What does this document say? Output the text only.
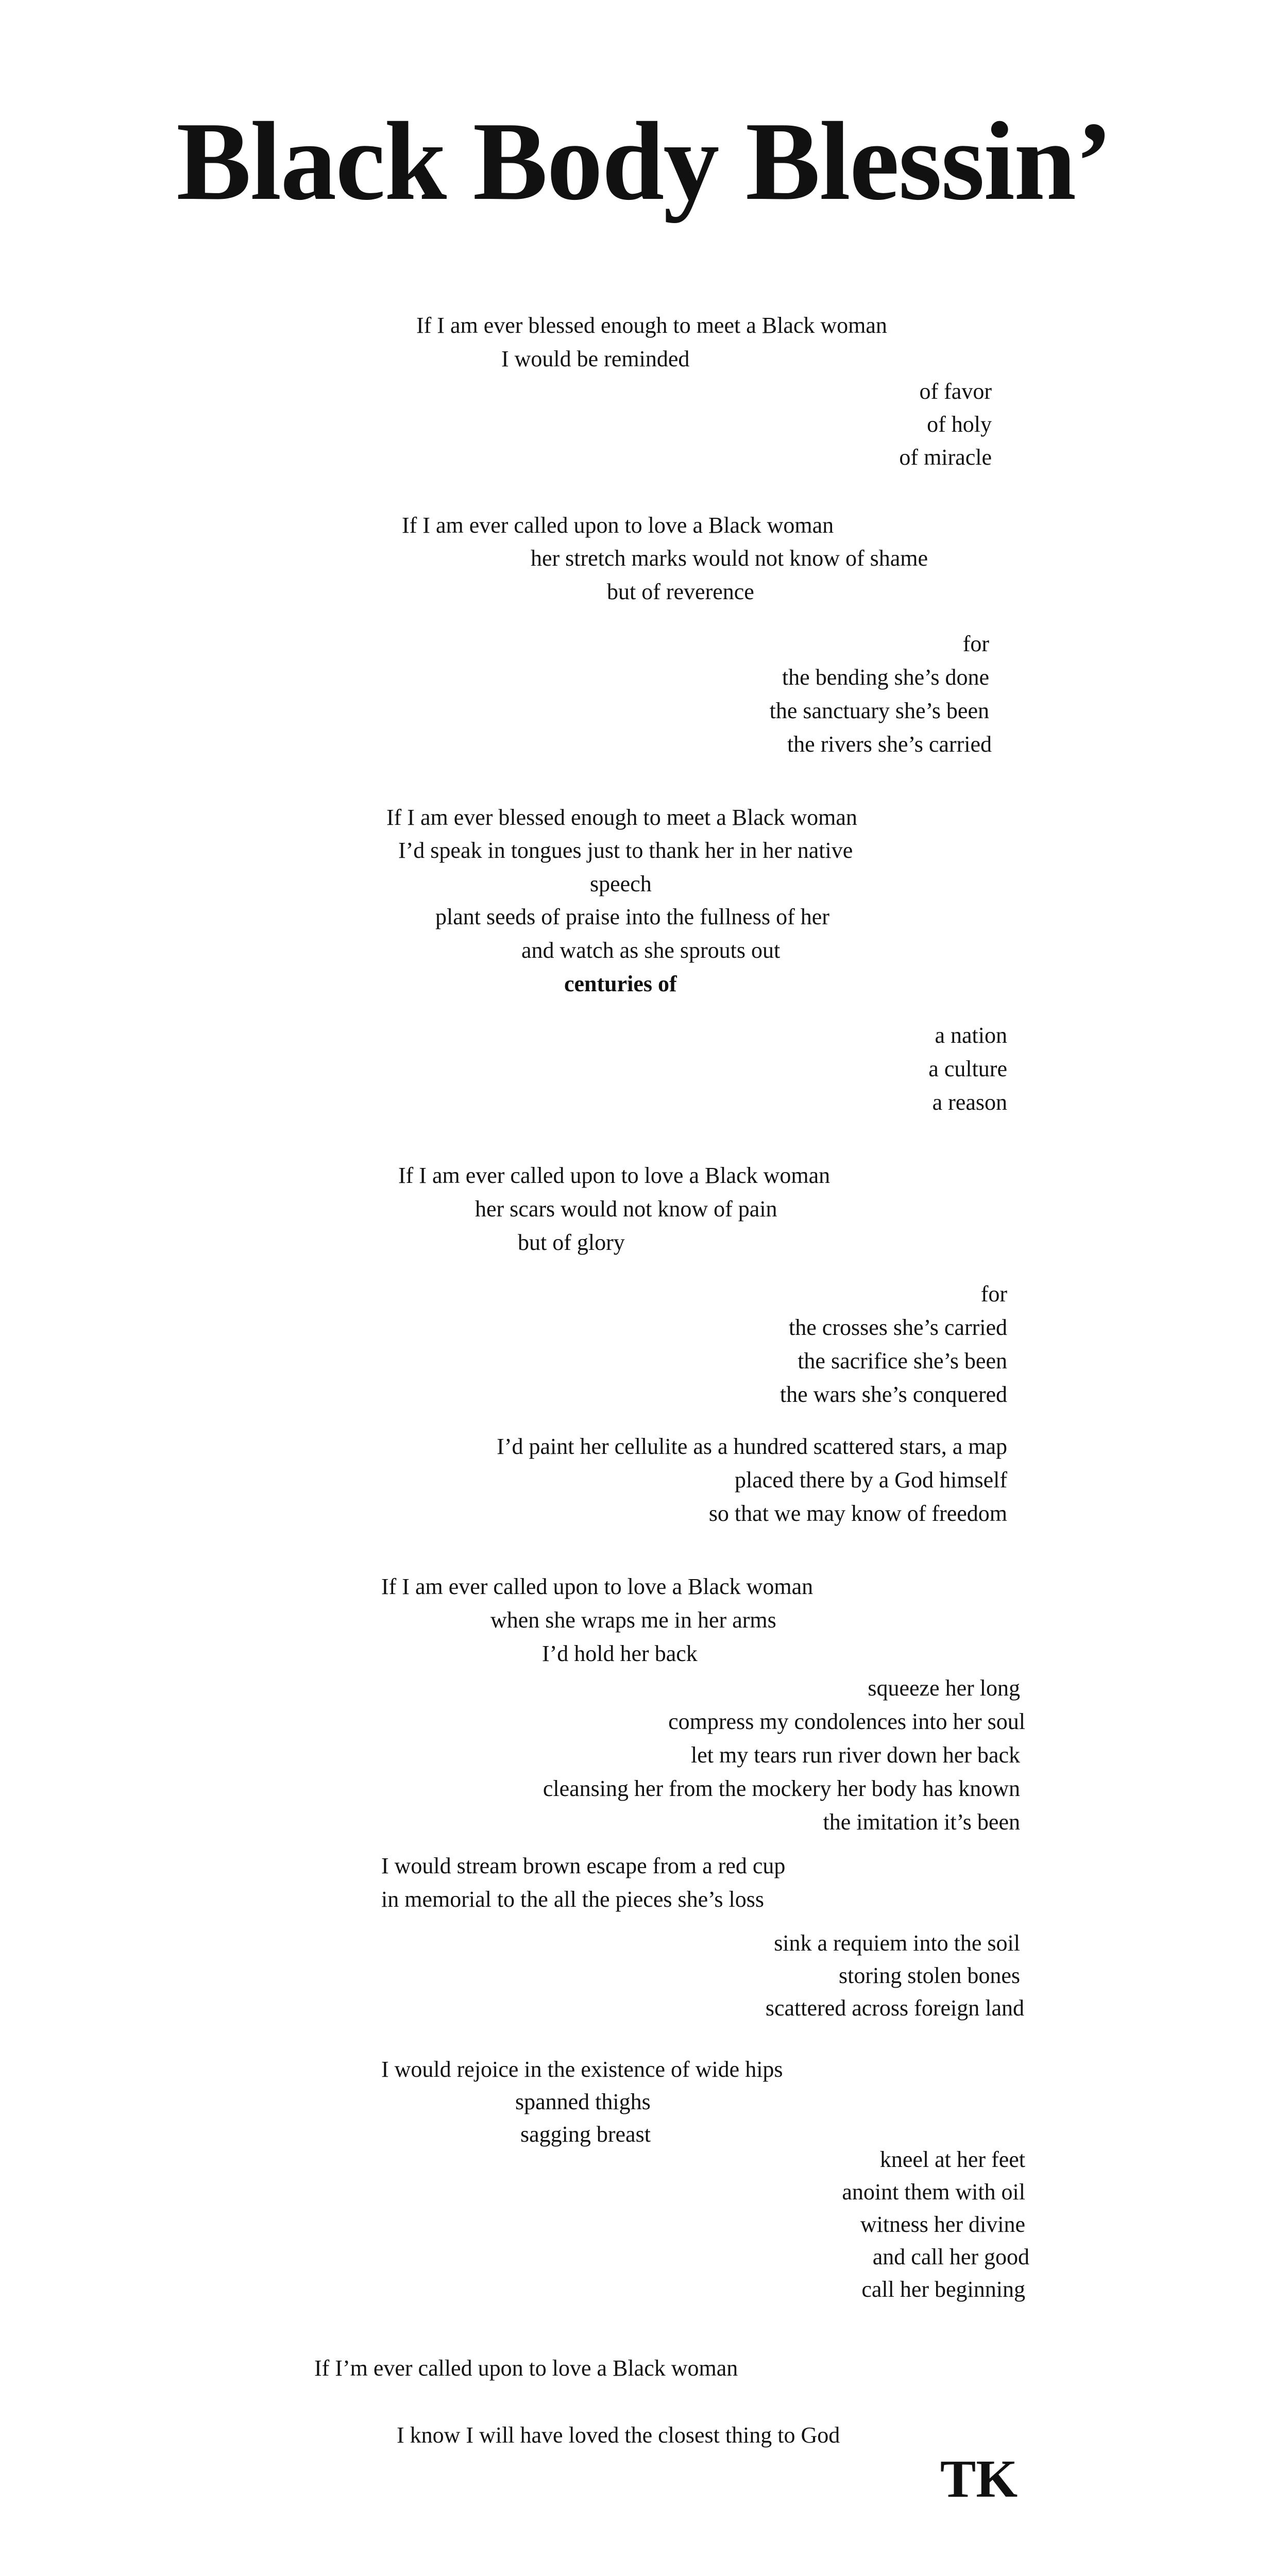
Black Body Blessin’
If I am ever blessed enough to meet a Black woman
I would be reminded
of favor
of holy
of miracle
If I am ever called upon to love a Black woman
her stretch marks would not know of shame
but of reverence
for
the bending she’s done
the sanctuary she’s been
the rivers she’s carried
If I am ever blessed enough to meet a Black woman
I’d speak in tongues just to thank her in her native
speech
plant seeds of praise into the fullness of her
and watch as she sprouts out
centuries of
a nation
a culture
a reason
If I am ever called upon to love a Black woman
her scars would not know of pain
but of glory
for
the crosses she’s carried
the sacrifice she’s been
the wars she’s conquered
I’d paint her cellulite as a hundred scattered stars, a map
placed there by a God himself
so that we may know of freedom
If I am ever called upon to love a Black woman
when she wraps me in her arms
I’d hold her back
squeeze her long
compress my condolences into her soul
let my tears run river down her back
cleansing her from the mockery her body has known
the imitation it’s been
I would stream brown escape from a red cup
in memorial to the all the pieces she’s loss
sink a requiem into the soil
storing stolen bones
scattered across foreign land
I would rejoice in the existence of wide hips
spanned thighs
sagging breast
kneel at her feet
anoint them with oil
witness her divine
and call her good
call her beginning
If I’m ever called upon to love a Black woman
I know I will have loved the closest thing to God
TK
